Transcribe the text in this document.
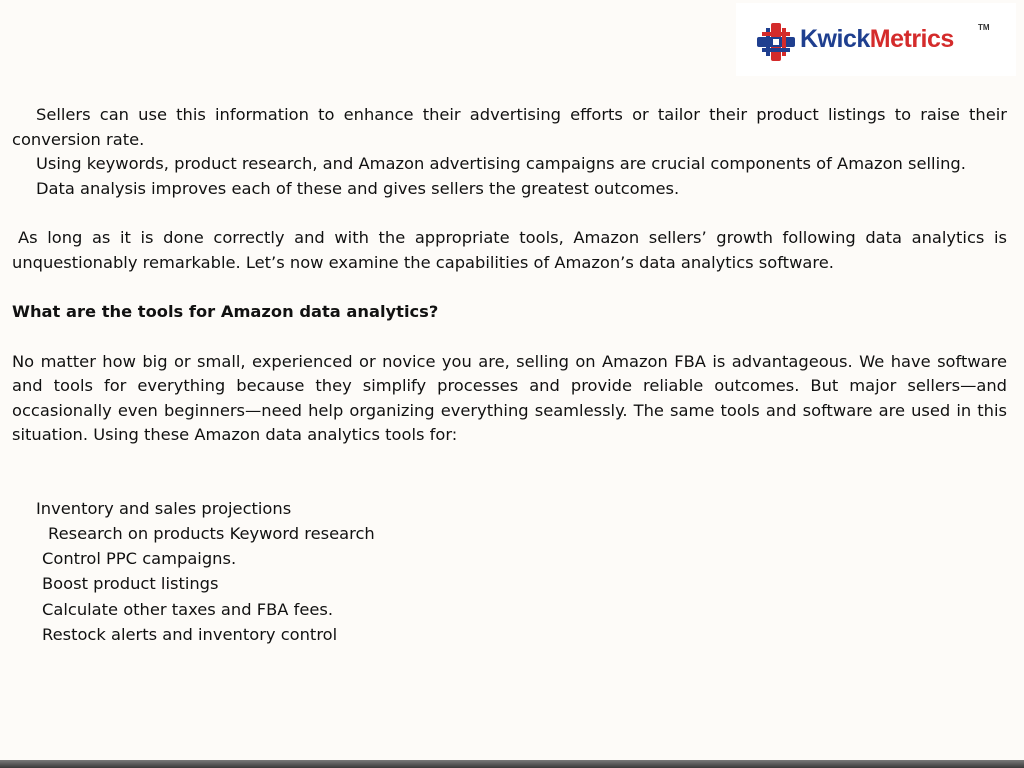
KwickMetrics	TM

Sellers can use this information to enhance their advertising efforts or tailor their product listings to raise their conversion rate.

Using keywords, product research, and Amazon advertising campaigns are crucial components of Amazon selling.

Data analysis improves each of these and gives sellers the greatest outcomes.

As long as it is done correctly and with the appropriate tools, Amazon sellers’ growth following data analytics is unquestionably remarkable. Let’s now examine the capabilities of Amazon’s data analytics software.

What are the tools for Amazon data analytics?

No matter how big or small, experienced or novice you are, selling on Amazon FBA is advantageous. We have software and tools for everything because they simplify processes and provide reliable outcomes. But major sellers—and occasionally even beginners—need help organizing everything seamlessly. The same tools and software are used in this situation. Using these Amazon data analytics tools for:

Inventory and sales projections
Research on products Keyword research
Control PPC campaigns.
Boost product listings
Calculate other taxes and FBA fees.
Restock alerts and inventory control
